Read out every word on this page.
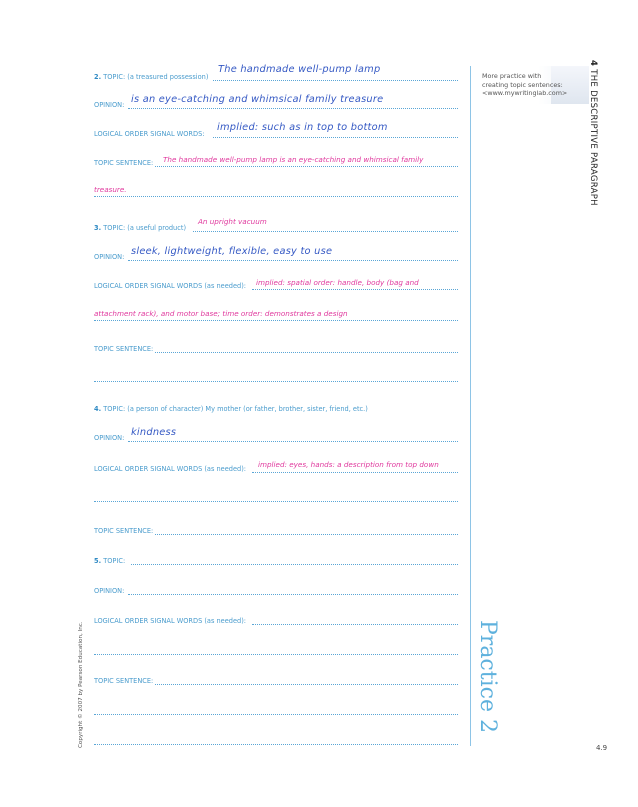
2. TOPIC: (a treasured possession)
The handmade well-pump lamp
OPINION: is an eye-catching and whimsical family treasure
LOGICAL ORDER SIGNAL WORDS:
implied: such as in top to bottom
TOPIC SENTENCE: The handmade well-pump lamp is an eye-catching and whimsical family
treasure.
3. TOPIC: (a useful product)
An upright vacuum
OPINION: sleek, lightweight, flexible, easy to use
LOGICAL ORDER SIGNAL WORDS (as needed): implied: spatial order: handle, body (bag and
attachment rack), and motor base; time order: demonstrates a design
TOPIC SENTENCE:
4. TOPIC: (a person of character) My mother (or father, brother, sister, friend, etc.)
OPINION: kindness
LOGICAL ORDER SIGNAL WORDS (as needed): implied: eyes, hands: a description from top down
TOPIC SENTENCE:
5. TOPIC:
OPINION:
LOGICAL ORDER SIGNAL WORDS (as needed):
TOPIC SENTENCE:
More practice with
creating topic sentences:
<www.mywritinglab.com>
4 THE DESCRIPTIVE PARAGRAPH
Practice 2
Copyright © 2007 by Pearson Education, Inc.	4.9
